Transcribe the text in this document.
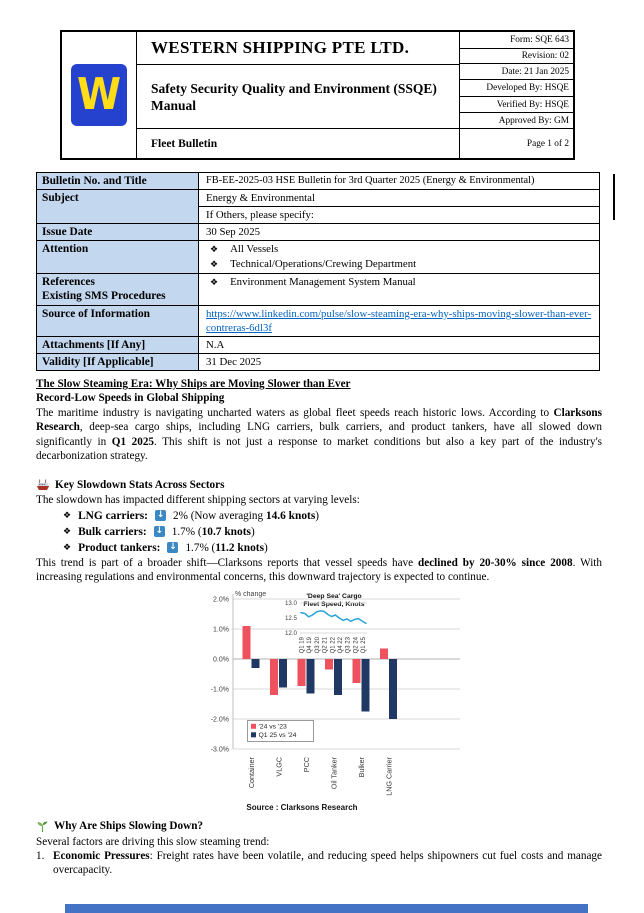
W
WESTERN SHIPPING PTE LTD.
Safety Security Quality and Environment (SSQE) Manual
Fleet Bulletin
Form: SQE 643
Revision: 02
Date: 21 Jan 2025
Developed By: HSQE
Verified By: HSQE
Approved By: GM
Page 1 of 2
Bulletin No. and Title	FB-EE-2025-03 HSE Bulletin for 3rd Quarter 2025 (Energy & Environmental)
Subject	Energy & Environmental
If Others, please specify:
Issue Date	30 Sep 2025
Attention	❖ All Vessels
❖ Technical/Operations/Crewing Department
References
Existing SMS Procedures
❖ Environment Management System Manual
Source of Information	https://www.linkedin.com/pulse/slow-steaming-era-why-ships-moving-slower-than-ever-contreras-6dl3f
Attachments [If Any]	N.A
Validity [If Applicable]	31 Dec 2025
The Slow Steaming Era: Why Ships are Moving Slower than Ever
Record-Low Speeds in Global Shipping

The maritime industry is navigating uncharted waters as global fleet speeds reach historic lows. According to Clarksons Research, deep-sea cargo ships, including LNG carriers, bulk carriers, and product tankers, have all slowed down significantly in Q1 2025. This shift is not just a response to market conditions but also a key part of the industry's decarbonization strategy.

Key Slowdown Stats Across Sectors
The slowdown has impacted different shipping sectors at varying levels:
❖ LNG carriers: ↓ 2% (Now averaging 14.6 knots)
❖ Bulk carriers: ↓ 1.7% (10.7 knots)
❖ Product tankers: ↓ 1.7% (11.2 knots)

This trend is part of a broader shift—Clarksons reports that vessel speeds have declined by 20-30% since 2008. With increasing regulations and environmental concerns, this downward trajectory is expected to continue.

2.0%
1.0%
0.0%
-1.0%
-2.0%
-3.0%
% change
Container	VLGC	PCC	Oil Tanker	Bulker	LNG Carrier
'24 vs '23
Q1 25 vs '24
'Deep Sea' Cargo
Fleet Speed, Knots
13.0
12.5
12.0
Q1 19 Q4 19 Q3 20 Q2 21 Q1 22 Q4 22 Q3 23 Q2 24 Q1 25
Source : Clarksons Research
Why Are Ships Slowing Down?
Several factors are driving this slow steaming trend:
1. Economic Pressures: Freight rates have been volatile, and reducing speed helps shipowners cut fuel costs and manage overcapacity.
